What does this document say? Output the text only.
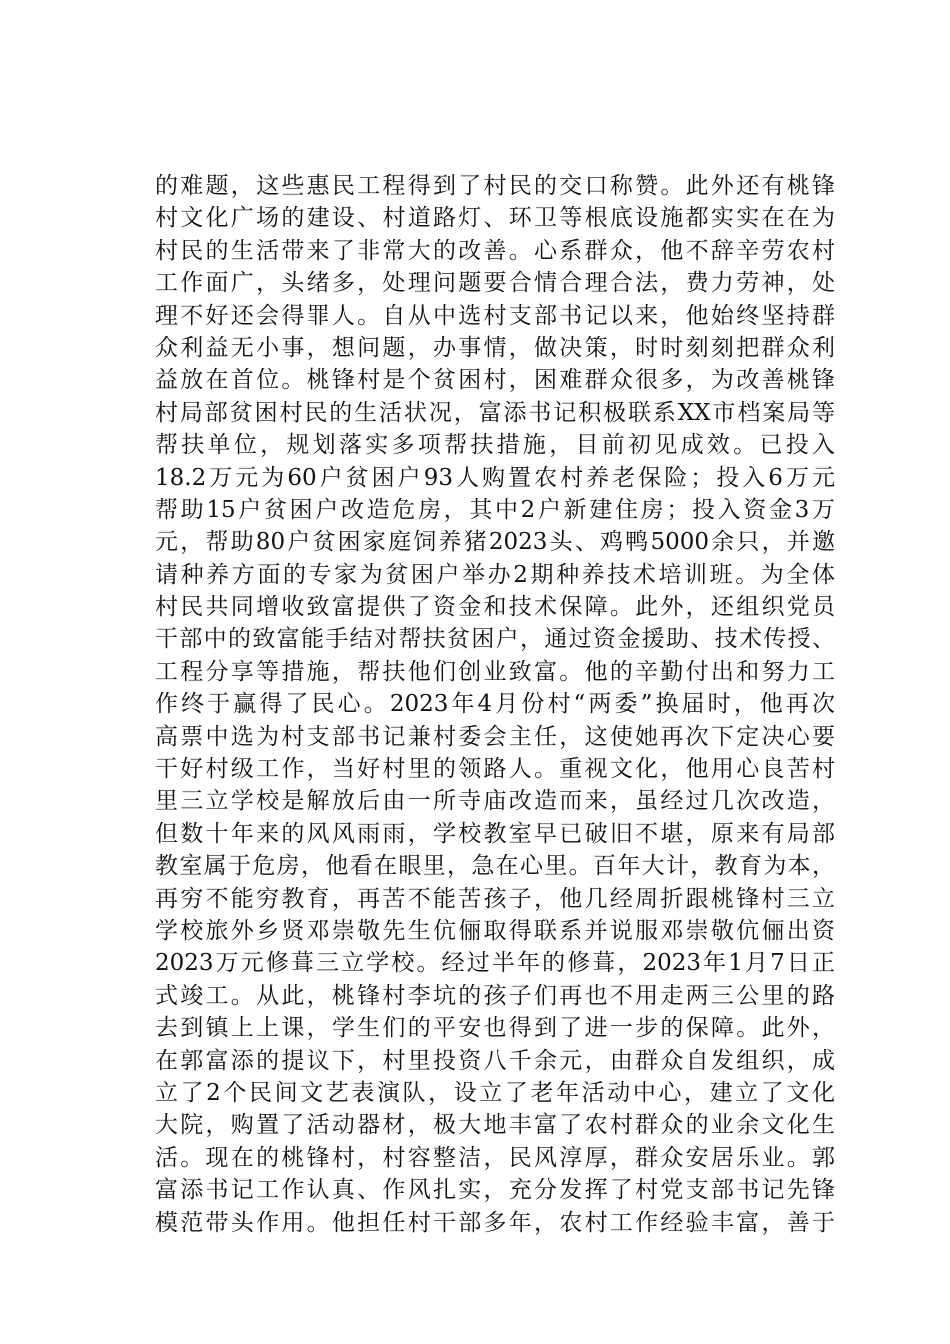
的难题，这些惠民工程得到了村民的交口称赞。此外还有桃锋
村文化广场的建设、村道路灯、环卫等根底设施都实实在在为
村民的生活带来了非常大的改善。心系群众，他不辞辛劳农村
工作面广，头绪多，处理问题要合情合理合法，费力劳神，处
理不好还会得罪人。自从中选村支部书记以来，他始终坚持群
众利益无小事，想问题，办事情，做决策，时时刻刻把群众利
益放在首位。桃锋村是个贫困村，困难群众很多，为改善桃锋
村局部贫困村民的生活状况，富添书记积极联系XX市档案局等
帮扶单位，规划落实多项帮扶措施，目前初见成效。已投入
18.2万元为60户贫困户93人购置农村养老保险；投入6万元
帮助15户贫困户改造危房，其中2户新建住房；投入资金3万
元，帮助80户贫困家庭饲养猪2023头、鸡鸭5000余只，并邀
请种养方面的专家为贫困户举办2期种养技术培训班。为全体
村民共同增收致富提供了资金和技术保障。此外，还组织党员
干部中的致富能手结对帮扶贫困户，通过资金援助、技术传授、
工程分享等措施，帮扶他们创业致富。他的辛勤付出和努力工
作终于赢得了民心。2023年4月份村“两委”换届时，他再次
高票中选为村支部书记兼村委会主任，这使她再次下定决心要
干好村级工作，当好村里的领路人。重视文化，他用心良苦村
里三立学校是解放后由一所寺庙改造而来，虽经过几次改造，
但数十年来的风风雨雨，学校教室早已破旧不堪，原来有局部
教室属于危房，他看在眼里，急在心里。百年大计，教育为本，
再穷不能穷教育，再苦不能苦孩子，他几经周折跟桃锋村三立
学校旅外乡贤邓崇敬先生伉俪取得联系并说服邓崇敬伉俪出资
2023万元修葺三立学校。经过半年的修葺，2023年1月7日正
式竣工。从此，桃锋村李坑的孩子们再也不用走两三公里的路
去到镇上上课，学生们的平安也得到了进一步的保障。此外，
在郭富添的提议下，村里投资八千余元，由群众自发组织，成
立了2个民间文艺表演队，设立了老年活动中心，建立了文化
大院，购置了活动器材，极大地丰富了农村群众的业余文化生
活。现在的桃锋村，村容整洁，民风淳厚，群众安居乐业。郭
富添书记工作认真、作风扎实，充分发挥了村党支部书记先锋
模范带头作用。他担任村干部多年，农村工作经验丰富，善于
